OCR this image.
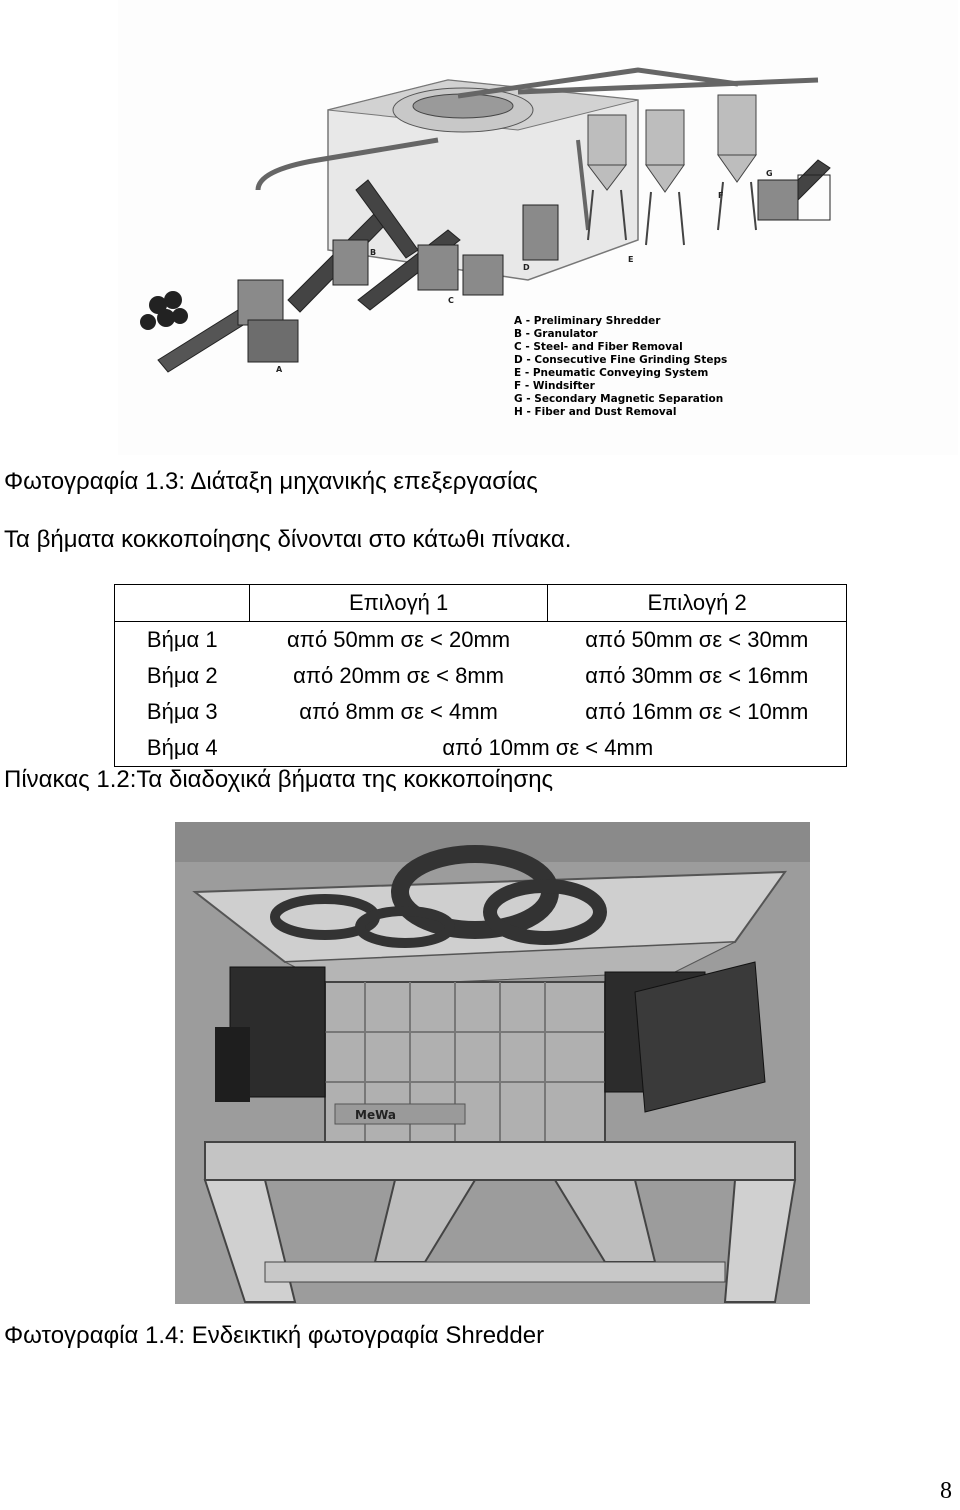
A
B
C
D
E
F
G
A - Preliminary Shredder
B - Granulator
C - Steel- and Fiber Removal
D - Consecutive Fine Grinding Steps
E - Pneumatic Conveying System
F - Windsifter
G - Secondary Magnetic Separation
H - Fiber and Dust Removal
Φωτογραφία 1.3: Διάταξη μηχανικής επεξεργασίας
Τα βήματα κοκκοποίησης δίνονται στο κάτωθι πίνακα.
	Επιλογή 1	Επιλογή 2
Βήμα 1	από 50mm σε < 20mm	από 50mm σε < 30mm
Βήμα 2	από 20mm σε < 8mm	από 30mm σε < 16mm
Βήμα 3	από 8mm σε < 4mm	από 16mm σε < 10mm
Βήμα 4	από 10mm σε < 4mm	
Πίνακας 1.2:Τα διαδοχικά βήματα της κοκκοποίησης
MeWa
Φωτογραφία 1.4: Ενδεικτική φωτογραφία Shredder
8
